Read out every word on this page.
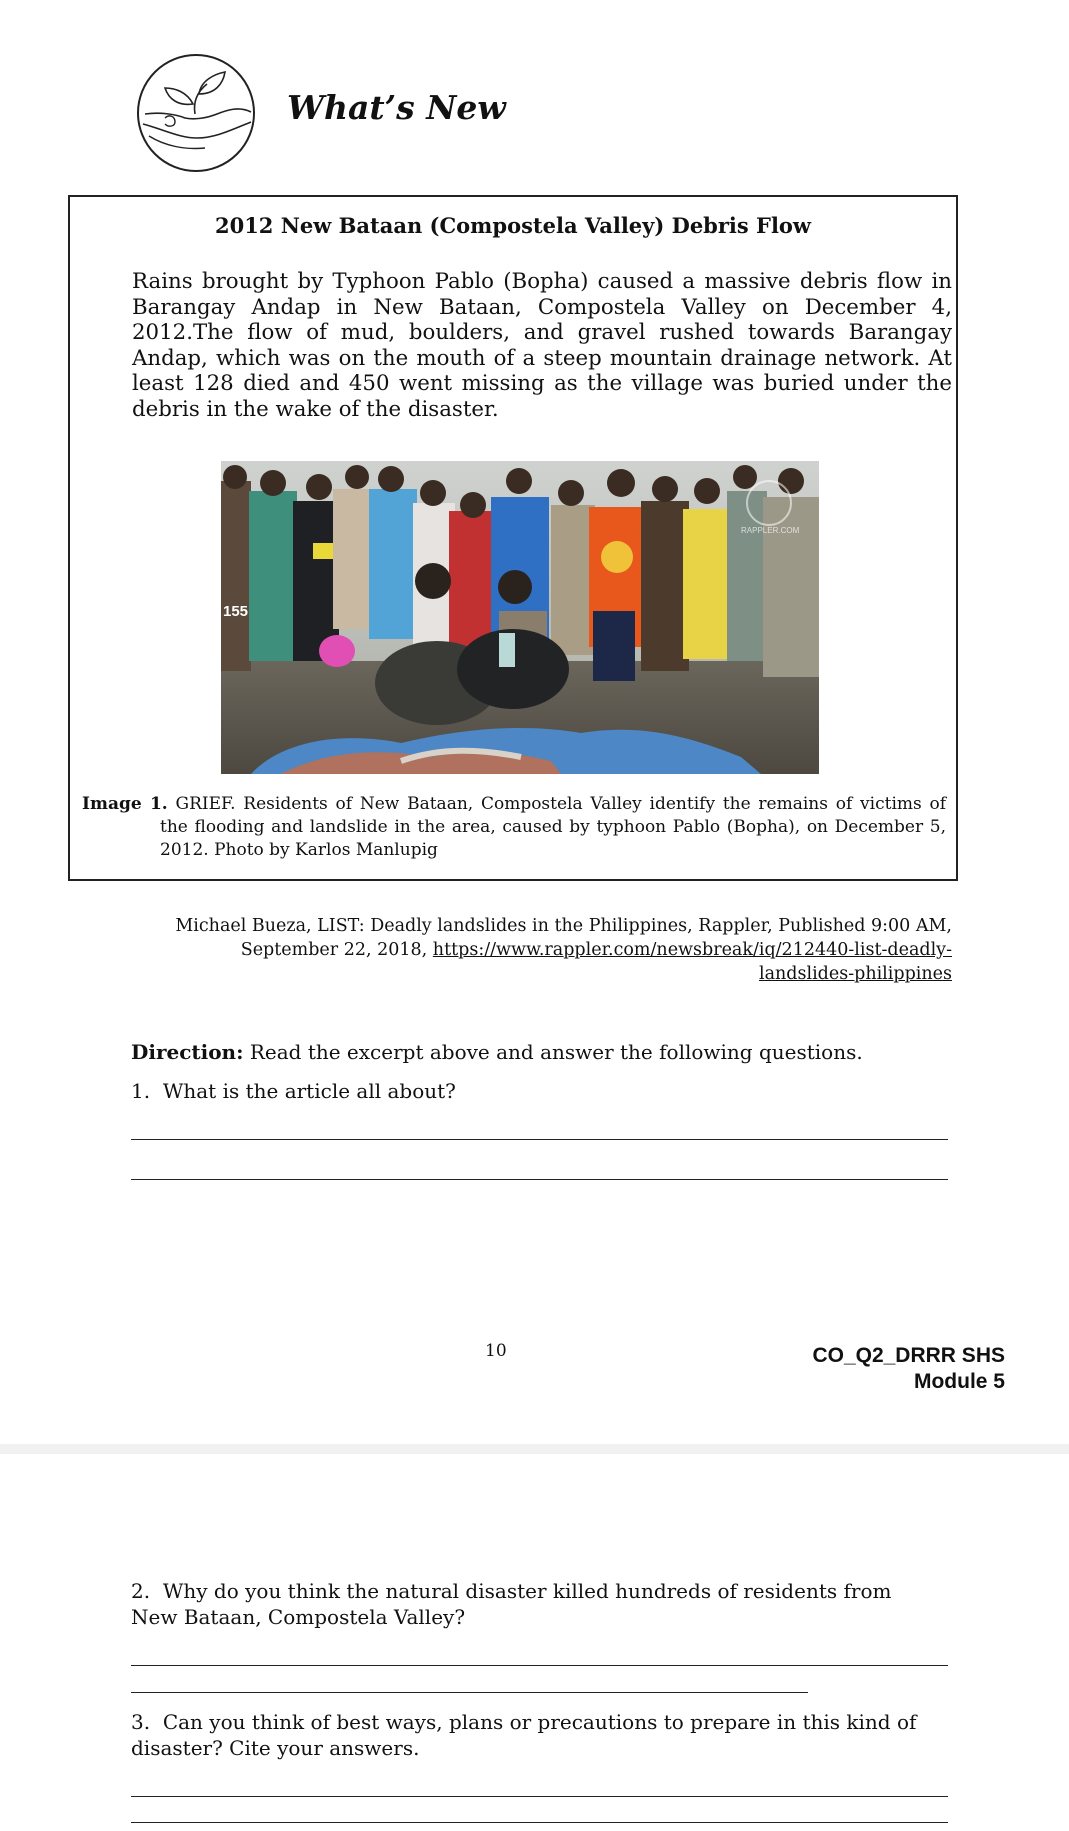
What’s New
2012 New Bataan (Compostela Valley) Debris Flow
Rains brought by Typhoon Pablo (Bopha) caused a massive debris flow in Barangay Andap in New Bataan, Compostela Valley on December 4, 2012.The flow of mud, boulders, and gravel rushed towards Barangay Andap, which was on the mouth of a steep mountain drainage network. At least 128 died and 450 went missing as the village was buried under the debris in the wake of the disaster.
155
RAPPLER.COM
Image 1. GRIEF. Residents of New Bataan, Compostela Valley identify the remains of victims of the flooding and landslide in the area, caused by typhoon Pablo (Bopha), on December 5, 2012. Photo by Karlos Manlupig
Michael Bueza, LIST: Deadly landslides in the Philippines, Rappler, Published 9:00 AM, September 22, 2018, https://www.rappler.com/newsbreak/iq/212440-list-deadly-landslides-philippines
Direction: Read the excerpt above and answer the following questions.
1. What is the article all about?
10	CO_Q2_DRRR SHS
Module 5
2. Why do you think the natural disaster killed hundreds of residents from New Bataan, Compostela Valley?
3. Can you think of best ways, plans or precautions to prepare in this kind of disaster? Cite your answers.
